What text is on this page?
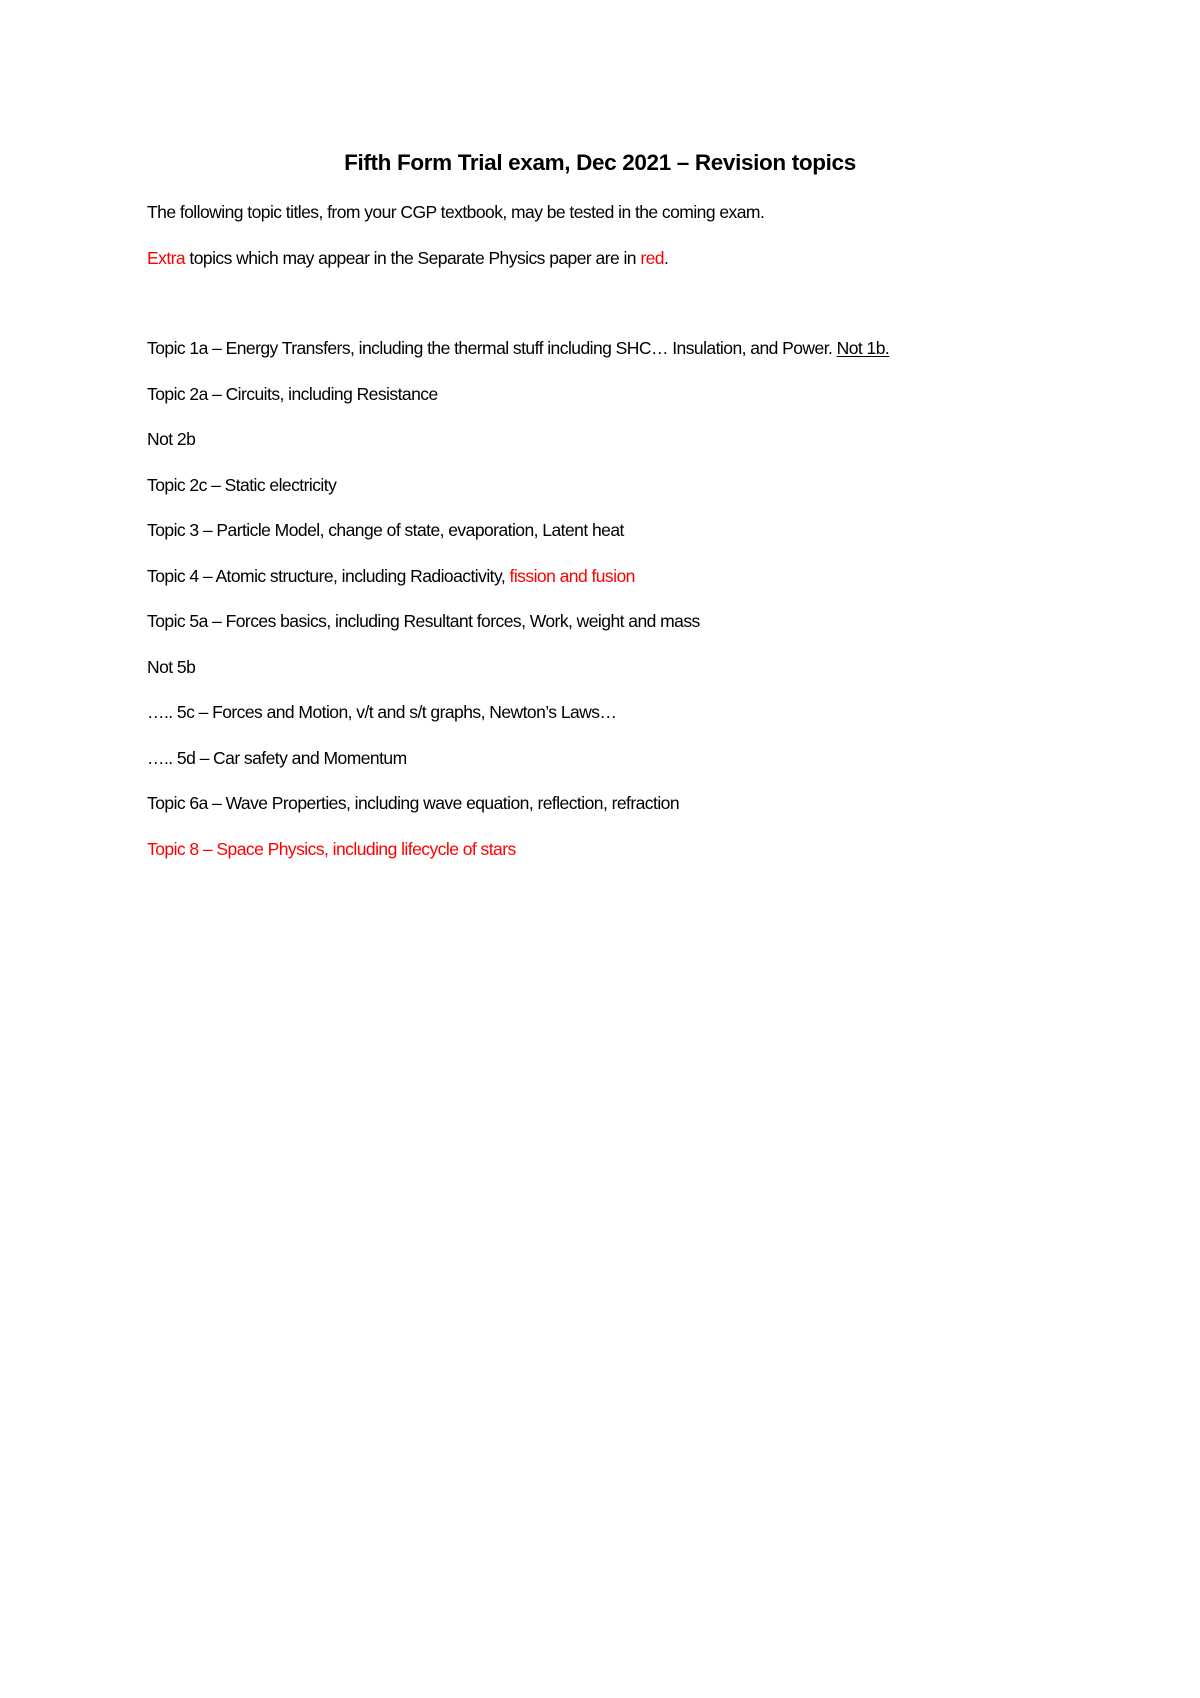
Fifth Form Trial exam, Dec 2021 – Revision topics

The following topic titles, from your CGP textbook, may be tested in the coming exam.

Extra topics which may appear in the Separate Physics paper are in red.

Topic 1a – Energy Transfers, including the thermal stuff including SHC… Insulation, and Power. Not 1b.

Topic 2a – Circuits, including Resistance

Not 2b

Topic 2c – Static electricity

Topic 3 – Particle Model, change of state, evaporation, Latent heat

Topic 4 – Atomic structure, including Radioactivity, fission and fusion

Topic 5a – Forces basics, including Resultant forces, Work, weight and mass

Not 5b

….. 5c – Forces and Motion, v/t and s/t graphs, Newton’s Laws…

….. 5d – Car safety and Momentum

Topic 6a – Wave Properties, including wave equation, reflection, refraction

Topic 8 – Space Physics, including lifecycle of stars
